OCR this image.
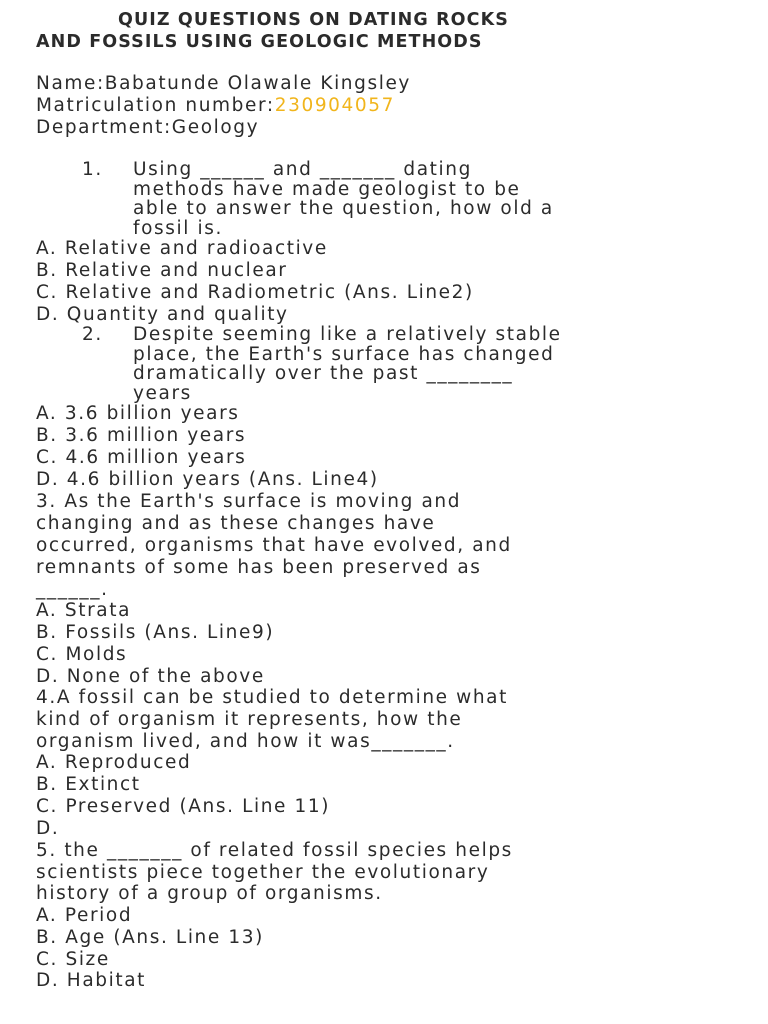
QUIZ QUESTIONS ON DATING ROCKS
AND FOSSILS USING GEOLOGIC METHODS
Name:Babatunde Olawale Kingsley
Matriculation number:230904057
Department:Geology
1. Using ______ and _______ dating
methods have made geologist to be
able to answer the question, how old a
fossil is.
A. Relative and radioactive
B. Relative and nuclear
C. Relative and Radiometric (Ans. Line2)
D. Quantity and quality
2. Despite seeming like a relatively stable
place, the Earth's surface has changed
dramatically over the past ________
years
A. 3.6 billion years
B. 3.6 million years
C. 4.6 million years
D. 4.6 billion years (Ans. Line4)
3. As the Earth's surface is moving and
changing and as these changes have
occurred, organisms that have evolved, and
remnants of some has been preserved as
______.
A. Strata
B. Fossils (Ans. Line9)
C. Molds
D. None of the above
4.A fossil can be studied to determine what
kind of organism it represents, how the
organism lived, and how it was_______.
A. Reproduced
B. Extinct
C. Preserved (Ans. Line 11)
D.
5. the _______ of related fossil species helps
scientists piece together the evolutionary
history of a group of organisms.
A. Period
B. Age (Ans. Line 13)
C. Size
D. Habitat
